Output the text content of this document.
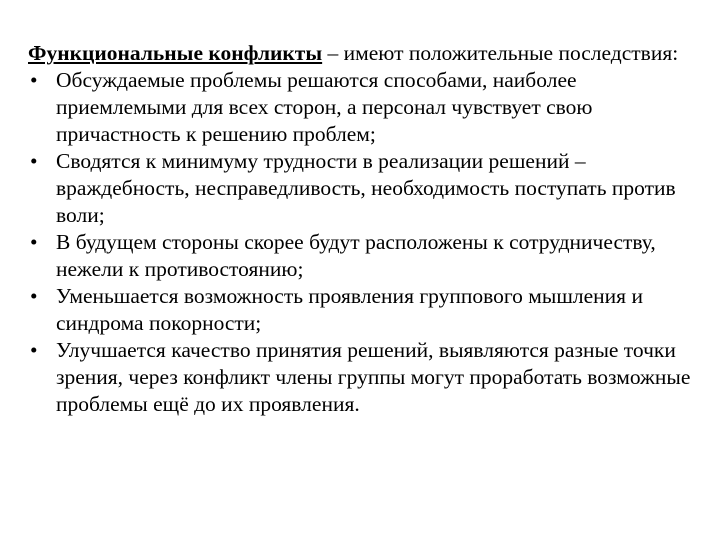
Функциональные конфликты – имеют положительные последствия:

• Обсуждаемые проблемы решаются способами, наиболее приемлемыми для всех сторон, а персонал чувствует свою причастность к решению проблем;
• Сводятся к минимуму трудности в реализации решений – враждебность, несправедливость, необходимость поступать против воли;
• В будущем стороны скорее будут расположены к сотрудничеству, нежели к противостоянию;
• Уменьшается возможность проявления группового мышления и синдрома покорности;
• Улучшается качество принятия решений, выявляются разные точки зрения, через конфликт члены группы могут проработать возможные проблемы ещё до их проявления.
